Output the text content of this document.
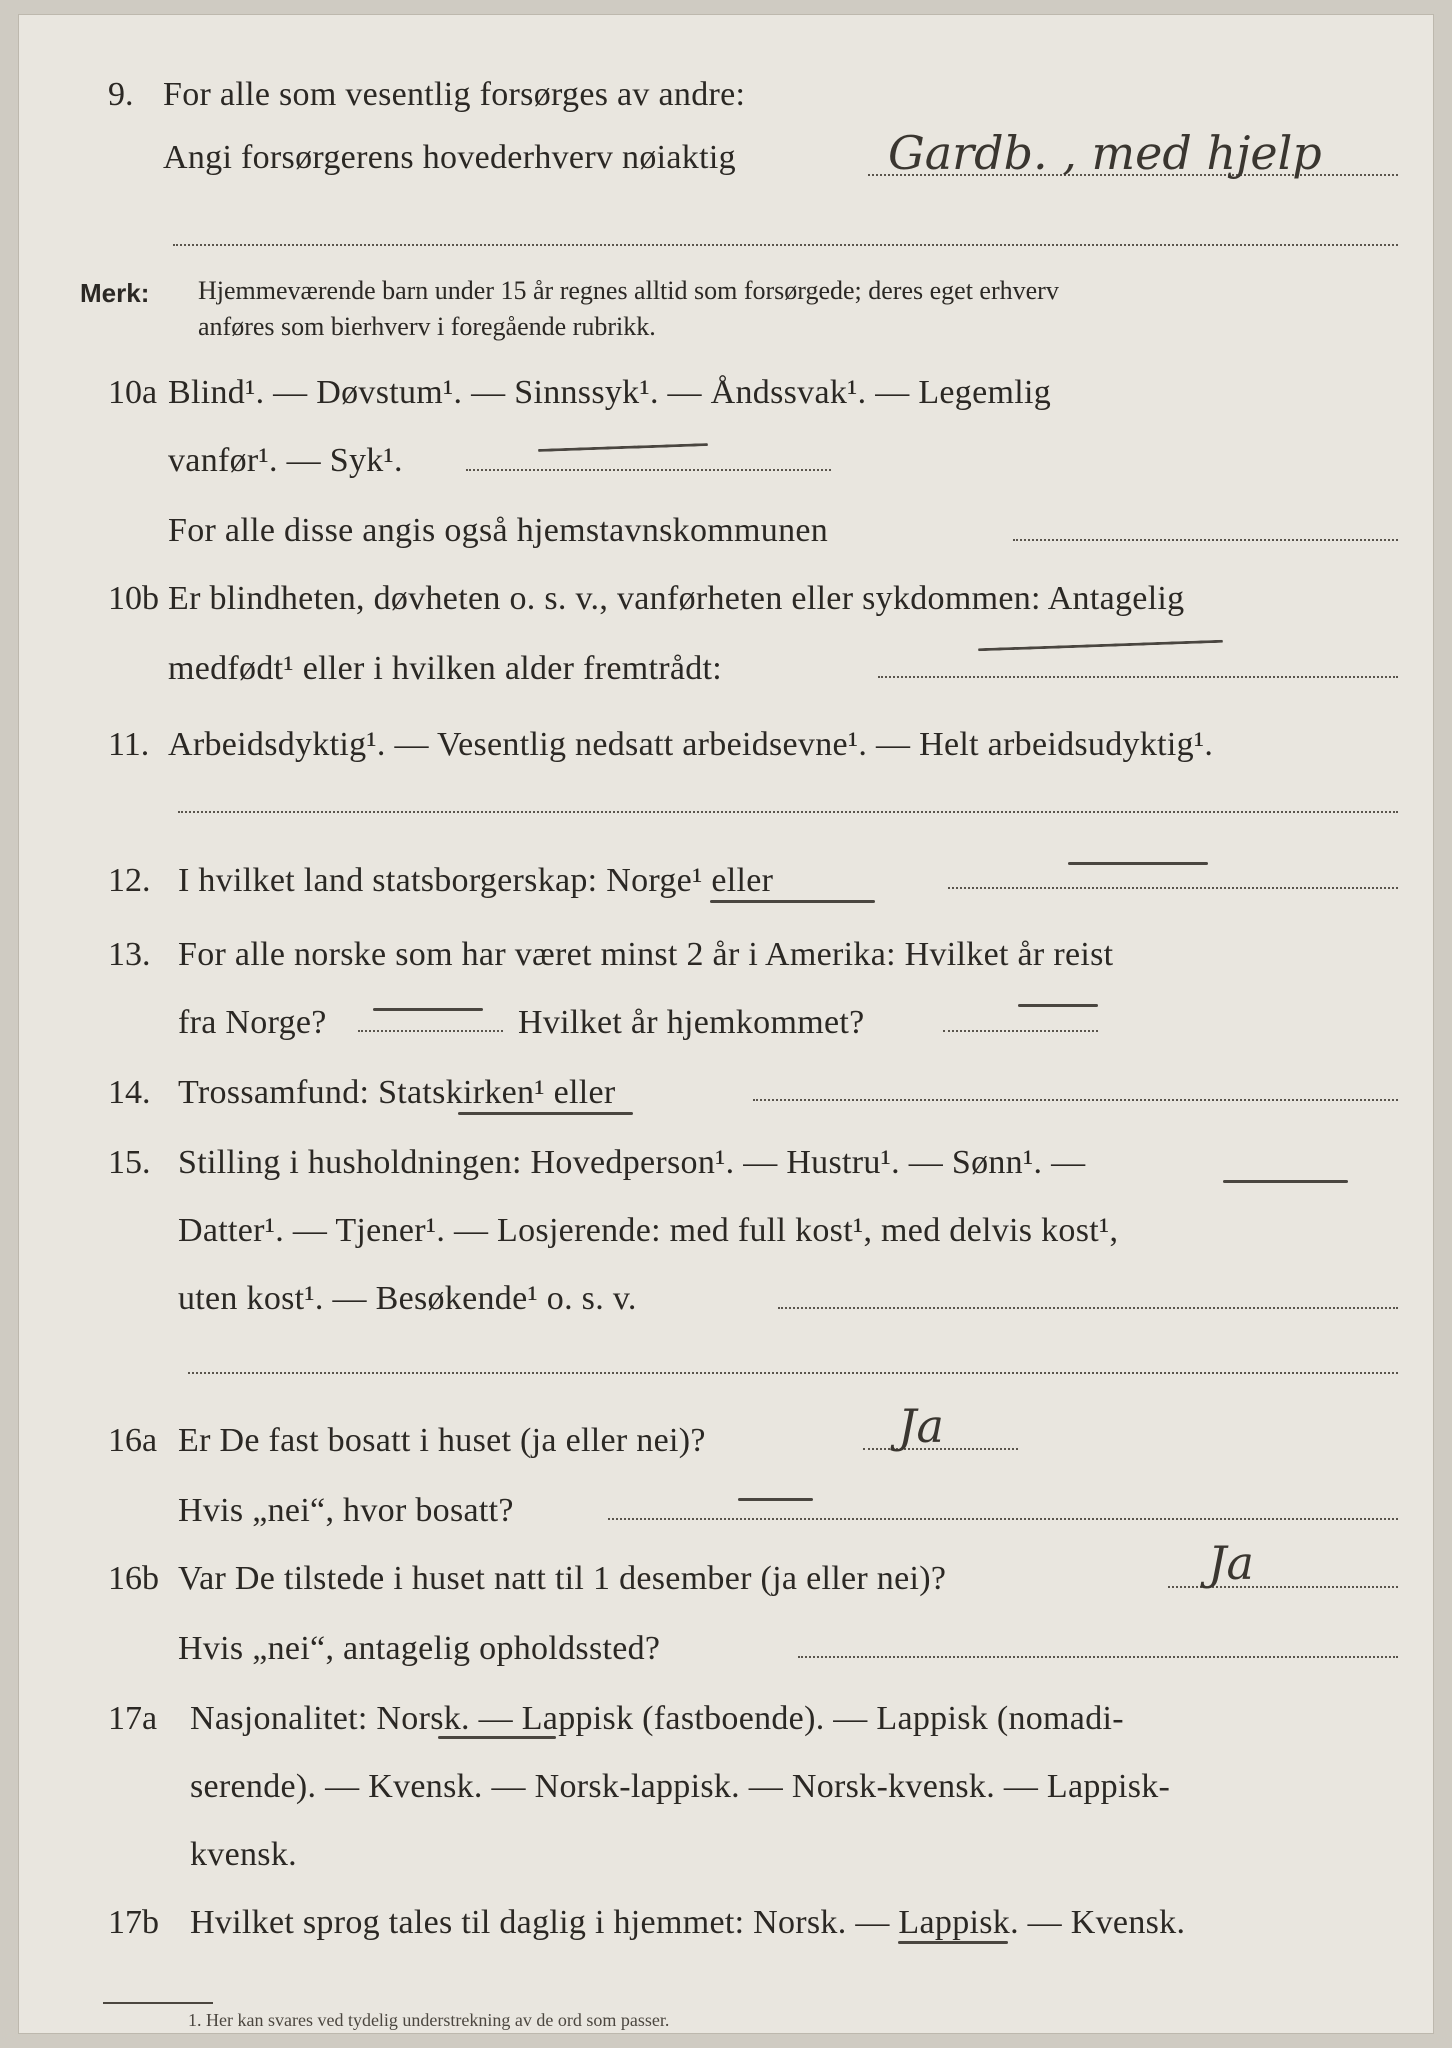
9. For alle som vesentlig forsørges av andre:
Angi forsørgerens hovederhverv nøiaktig	Gardb. , med hjelp
Merk: Hjemmeværende barn under 15 år regnes alltid som forsørgede; deres eget erhverv
anføres som bierhverv i foregående rubrikk.
10a Blind¹. — Døvstum¹. — Sinnssyk¹. — Åndssvak¹. — Legemlig
vanfør¹. — Syk¹.
For alle disse angis også hjemstavnskommunen
10b Er blindheten, døvheten o. s. v., vanførheten eller sykdommen: Antagelig
medfødt¹ eller i hvilken alder fremtrådt:
11. Arbeidsdyktig¹. — Vesentlig nedsatt arbeidsevne¹. — Helt arbeidsudyktig¹.
12. I hvilket land statsborgerskap: Norge¹ eller
13. For alle norske som har været minst 2 år i Amerika: Hvilket år reist
fra Norge?	Hvilket år hjemkommet?
14. Trossamfund: Statskirken¹ eller
15. Stilling i husholdningen: Hovedperson¹. — Hustru¹. — Sønn¹. —
Datter¹. — Tjener¹. — Losjerende: med full kost¹, med delvis kost¹,
uten kost¹. — Besøkende¹ o. s. v.
16a Er De fast bosatt i huset (ja eller nei)?	Ja
Hvis „nei“, hvor bosatt?
16b Var De tilstede i huset natt til 1 desember (ja eller nei)?	Ja
Hvis „nei“, antagelig opholdssted?
17a Nasjonalitet: Norsk. — Lappisk (fastboende). — Lappisk (nomadi-
serende). — Kvensk. — Norsk-lappisk. — Norsk-kvensk. — Lappisk-
kvensk.
17b Hvilket sprog tales til daglig i hjemmet: Norsk. — Lappisk. — Kvensk.
1. Her kan svares ved tydelig understrekning av de ord som passer.
